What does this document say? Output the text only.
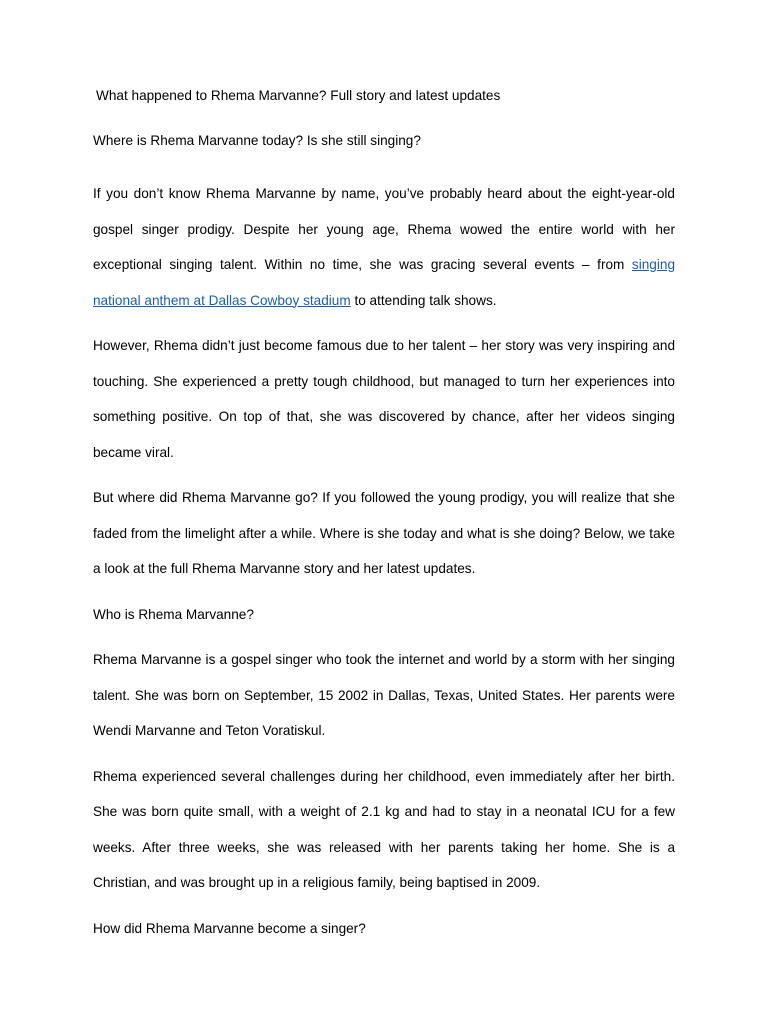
What happened to Rhema Marvanne? Full story and latest updates

Where is Rhema Marvanne today? Is she still singing?

If you don’t know Rhema Marvanne by name, you’ve probably heard about the eight-year-old gospel singer prodigy. Despite her young age, Rhema wowed the entire world with her exceptional singing talent. Within no time, she was gracing several events – from singing national anthem at Dallas Cowboy stadium to attending talk shows.

However, Rhema didn’t just become famous due to her talent – her story was very inspiring and touching. She experienced a pretty tough childhood, but managed to turn her experiences into something positive. On top of that, she was discovered by chance, after her videos singing became viral.

But where did Rhema Marvanne go? If you followed the young prodigy, you will realize that she faded from the limelight after a while. Where is she today and what is she doing? Below, we take a look at the full Rhema Marvanne story and her latest updates.

Who is Rhema Marvanne?

Rhema Marvanne is a gospel singer who took the internet and world by a storm with her singing talent. She was born on September, 15 2002 in Dallas, Texas, United States. Her parents were Wendi Marvanne and Teton Voratiskul.

Rhema experienced several challenges during her childhood, even immediately after her birth. She was born quite small, with a weight of 2.1 kg and had to stay in a neonatal ICU for a few weeks. After three weeks, she was released with her parents taking her home. She is a Christian, and was brought up in a religious family, being baptised in 2009.

How did Rhema Marvanne become a singer?
